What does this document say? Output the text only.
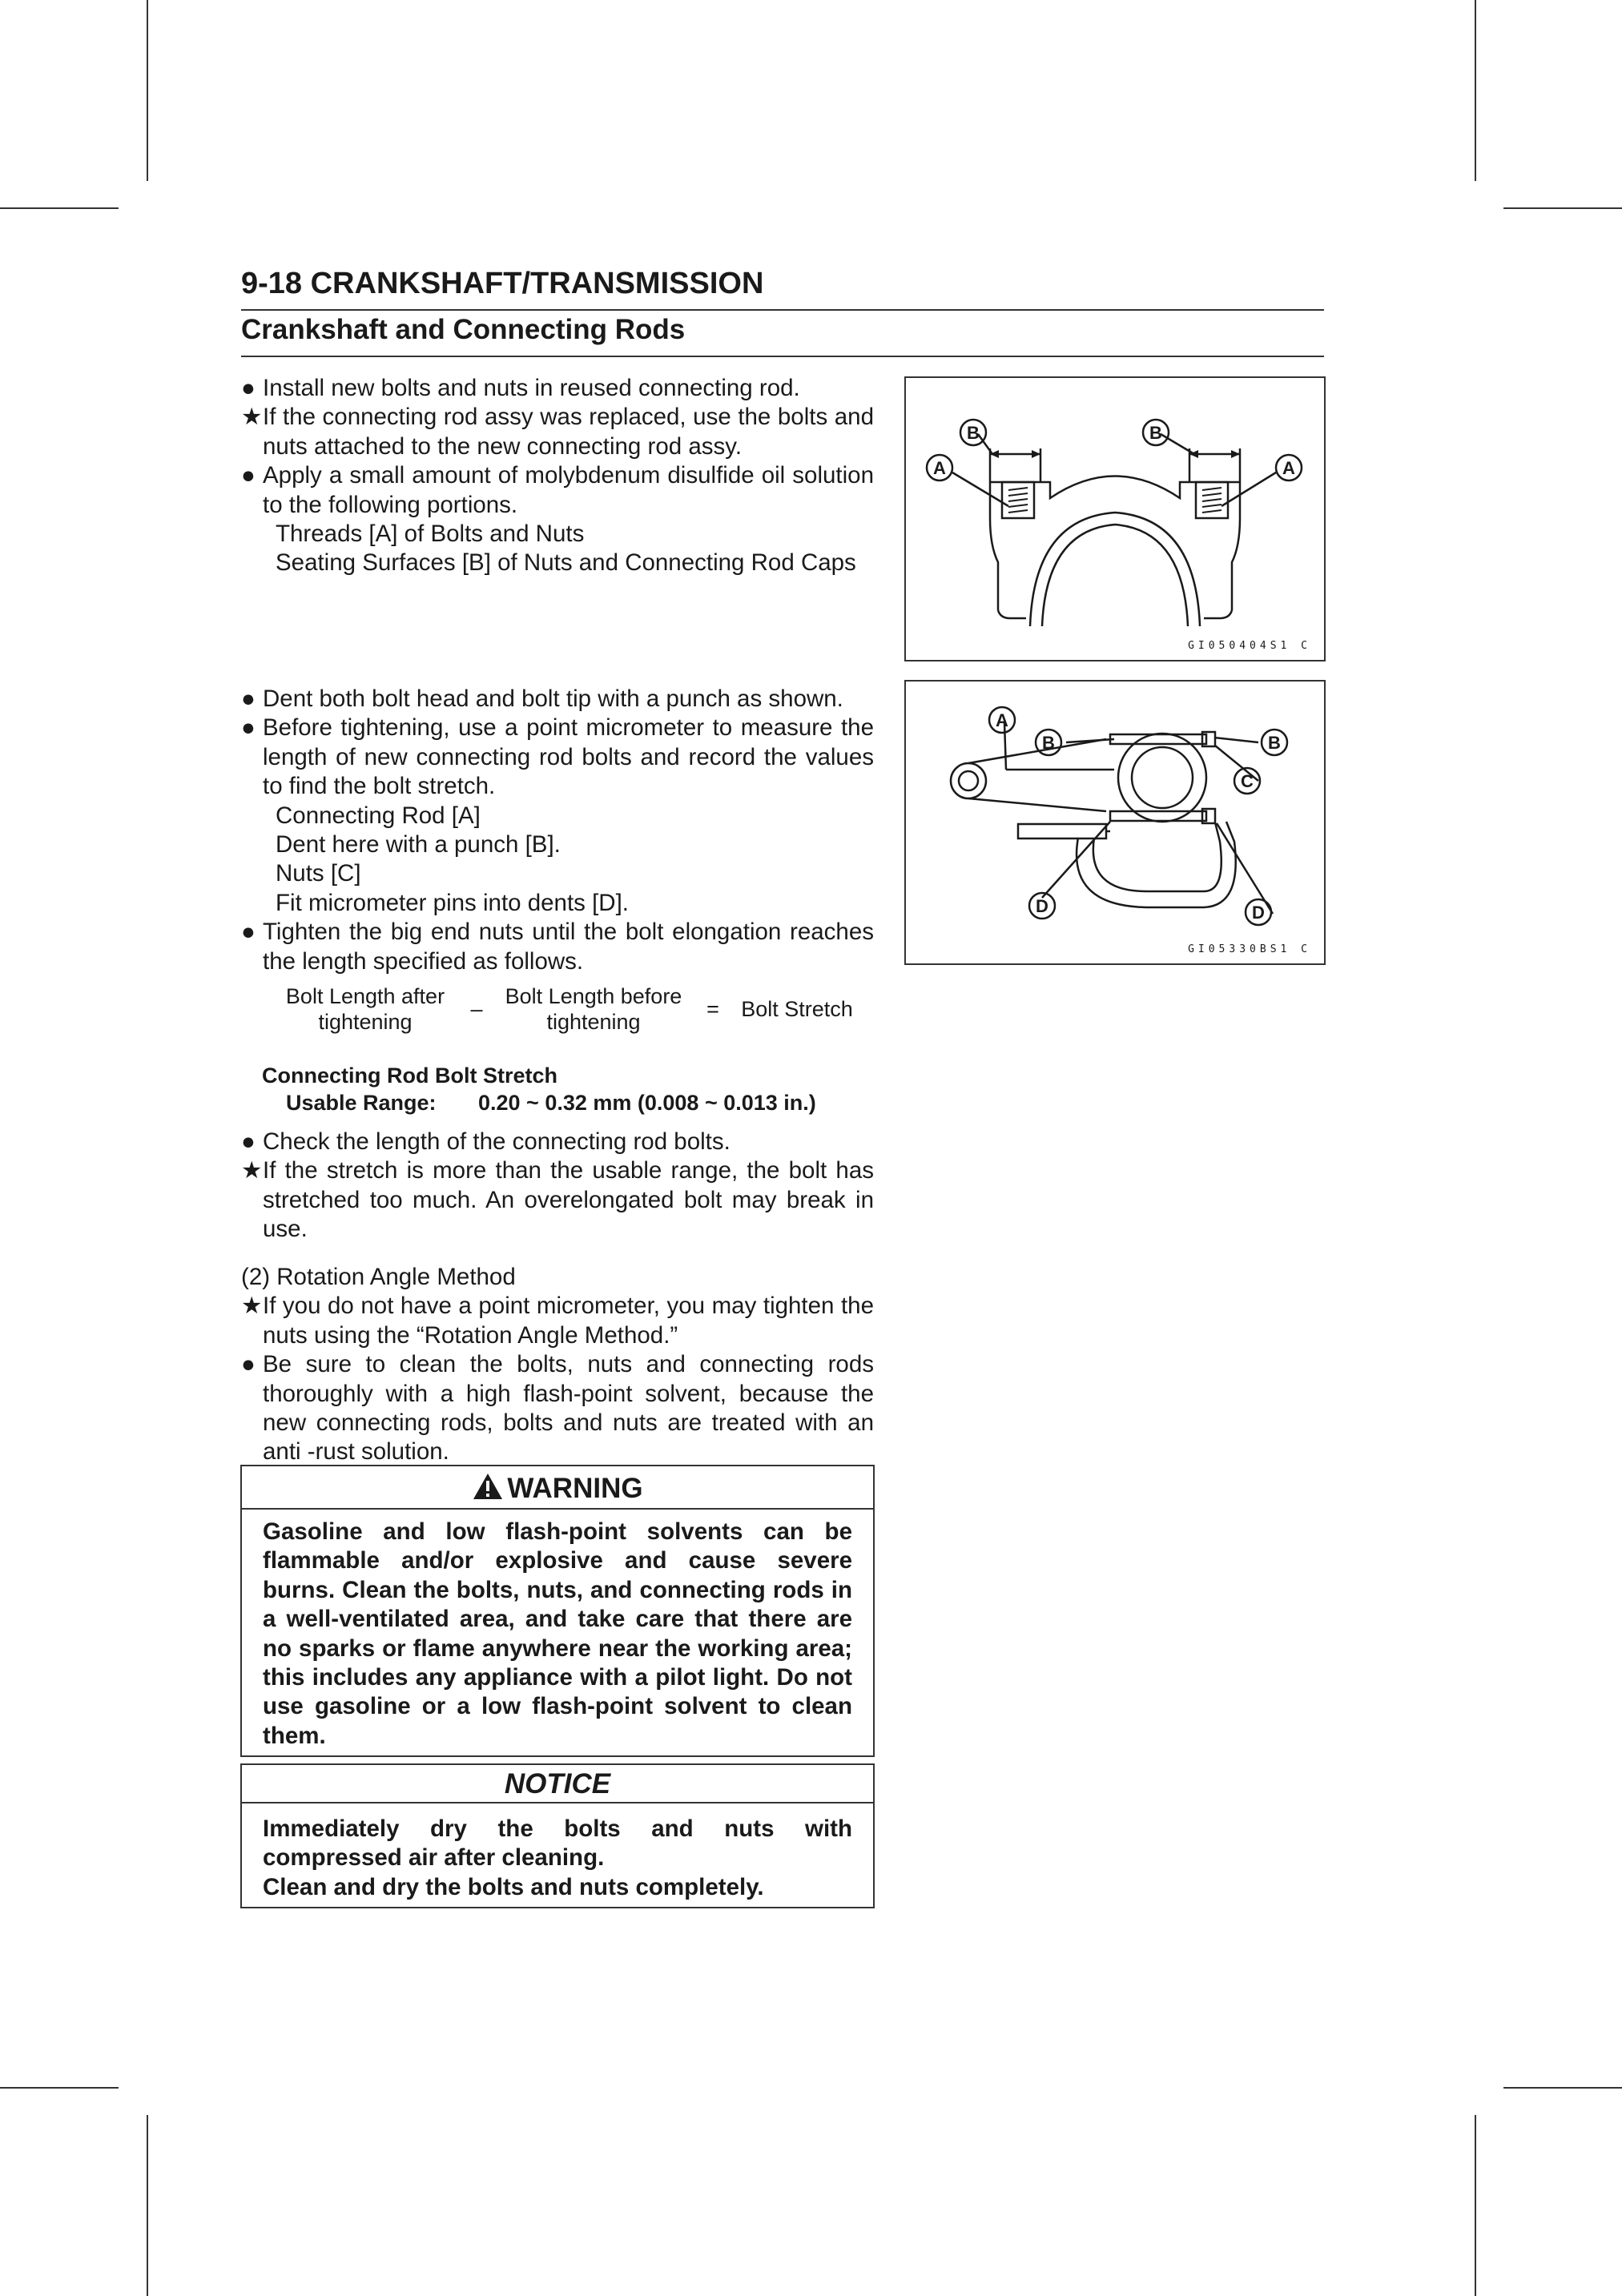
9-18 CRANKSHAFT/TRANSMISSION
Crankshaft and Connecting Rods
● Install new bolts and nuts in reused connecting rod.
★ If the connecting rod assy was replaced, use the bolts and nuts attached to the new connecting rod assy.
● Apply a small amount of molybdenum disulfide oil solution to the following portions.
Threads [A] of Bolts and Nuts
Seating Surfaces [B] of Nuts and Connecting Rod Caps
● Dent both bolt head and bolt tip with a punch as shown.
● Before tightening, use a point micrometer to measure the length of new connecting rod bolts and record the values to find the bolt stretch.
Connecting Rod [A]
Dent here with a punch [B].
Nuts [C]
Fit micrometer pins into dents [D].
● Tighten the big end nuts until the bolt elongation reaches the length specified as follows.
Bolt Length after
tightening
–
Bolt Length before
tightening
=	Bolt Stretch
Connecting Rod Bolt Stretch
Usable Range: 0.20 ~ 0.32 mm (0.008 ~ 0.013 in.)
● Check the length of the connecting rod bolts.
★ If the stretch is more than the usable range, the bolt has stretched too much. An overelongated bolt may break in use.
(2) Rotation Angle Method
★ If you do not have a point micrometer, you may tighten the nuts using the “Rotation Angle Method.”
● Be sure to clean the bolts, nuts and connecting rods thoroughly with a high flash-point solvent, because the new connecting rods, bolts and nuts are treated with an anti -rust solution.
WARNING
Gasoline and low flash-point solvents can be flammable and/or explosive and cause severe burns. Clean the bolts, nuts, and connecting rods in a well-ventilated area, and take care that there are no sparks or flame anywhere near the working area; this includes any appliance with a pilot light. Do not use gasoline or a low flash-point solvent to clean them.
NOTICE
Immediately dry the bolts and nuts with compressed air after cleaning.
Clean and dry the bolts and nuts completely.
B	B
A	A
GI050404S1 C
A
B	B
C
D	D
GI05330BS1 C
